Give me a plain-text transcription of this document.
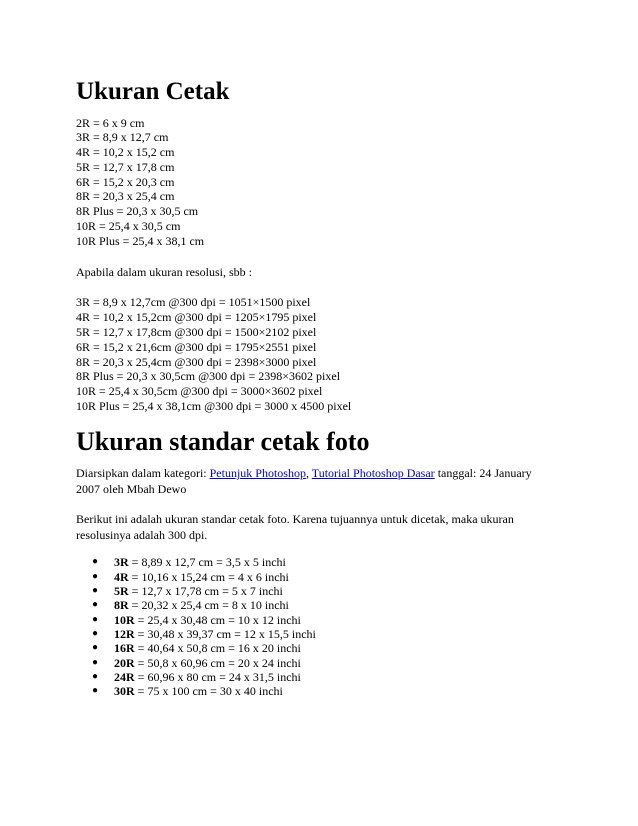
Ukuran Cetak
2R = 6 x 9 cm
3R = 8,9 x 12,7 cm
4R = 10,2 x 15,2 cm
5R = 12,7 x 17,8 cm
6R = 15,2 x 20,3 cm
8R = 20,3 x 25,4 cm
8R Plus = 20,3 x 30,5 cm
10R = 25,4 x 30,5 cm
10R Plus = 25,4 x 38,1 cm
Apabila dalam ukuran resolusi, sbb :
3R = 8,9 x 12,7cm @300 dpi = 1051×1500 pixel
4R = 10,2 x 15,2cm @300 dpi = 1205×1795 pixel
5R = 12,7 x 17,8cm @300 dpi = 1500×2102 pixel
6R = 15,2 x 21,6cm @300 dpi = 1795×2551 pixel
8R = 20,3 x 25,4cm @300 dpi = 2398×3000 pixel
8R Plus = 20,3 x 30,5cm @300 dpi = 2398×3602 pixel
10R = 25,4 x 30,5cm @300 dpi = 3000×3602 pixel
10R Plus = 25,4 x 38,1cm @300 dpi = 3000 x 4500 pixel
Ukuran standar cetak foto

Diarsipkan dalam kategori: Petunjuk Photoshop, Tutorial Photoshop Dasar tanggal: 24 January
2007 oleh Mbah Dewo

Berikut ini adalah ukuran standar cetak foto. Karena tujuannya untuk dicetak, maka ukuran
resolusinya adalah 300 dpi.

● 3R = 8,89 x 12,7 cm = 3,5 x 5 inchi
● 4R = 10,16 x 15,24 cm = 4 x 6 inchi
● 5R = 12,7 x 17,78 cm = 5 x 7 inchi
● 8R = 20,32 x 25,4 cm = 8 x 10 inchi
● 10R = 25,4 x 30,48 cm = 10 x 12 inchi
● 12R = 30,48 x 39,37 cm = 12 x 15,5 inchi
● 16R = 40,64 x 50,8 cm = 16 x 20 inchi
● 20R = 50,8 x 60,96 cm = 20 x 24 inchi
● 24R = 60,96 x 80 cm = 24 x 31,5 inchi
● 30R = 75 x 100 cm = 30 x 40 inchi
